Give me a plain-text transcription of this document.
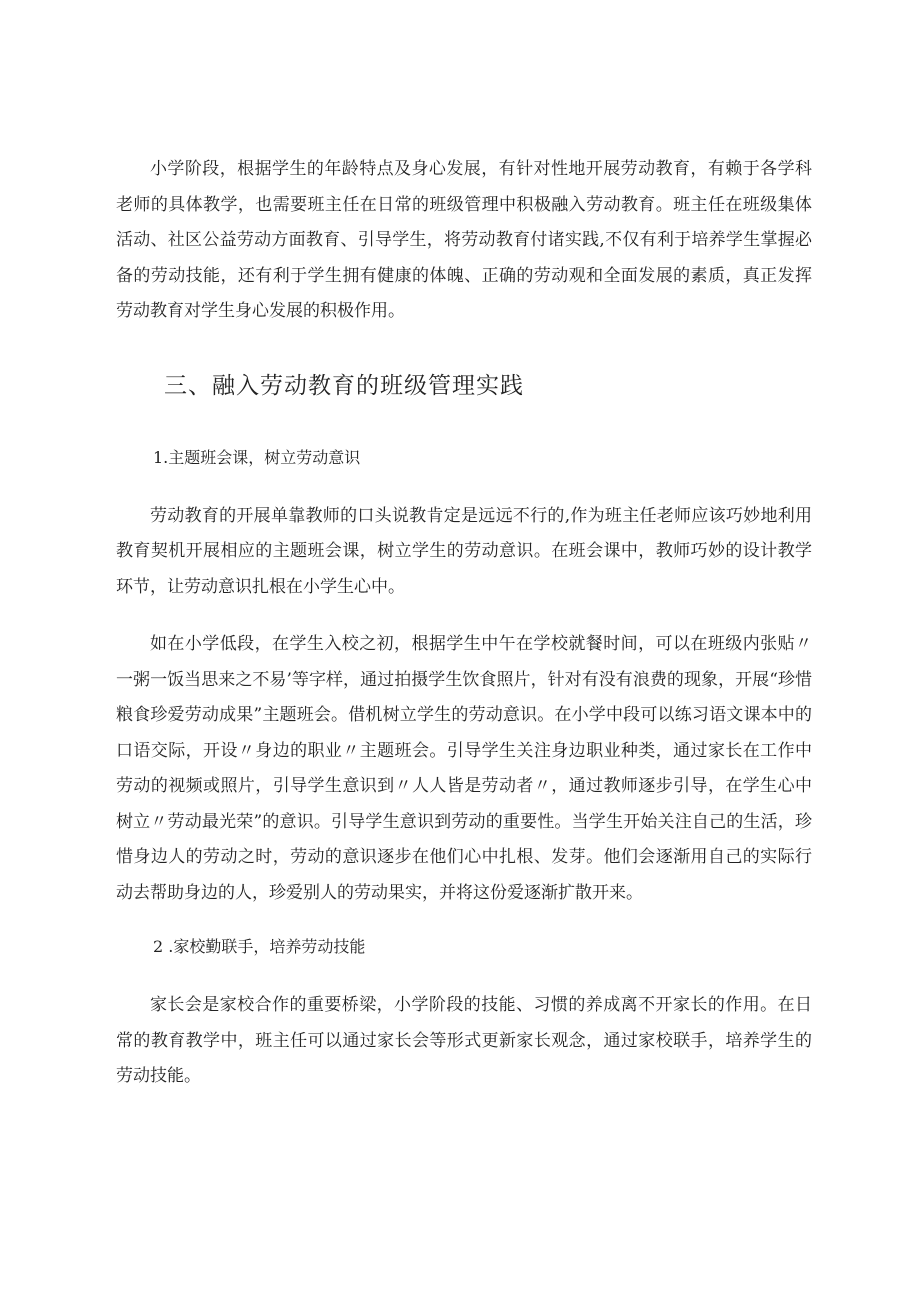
小学阶段，根据学生的年龄特点及身心发展，有针对性地开展劳动教育，有赖于各学科老师的具体教学，也需要班主任在日常的班级管理中积极融入劳动教育。班主任在班级集体活动、社区公益劳动方面教育、引导学生，将劳动教育付诸实践,不仅有利于培养学生掌握必备的劳动技能，还有利于学生拥有健康的体魄、正确的劳动观和全面发展的素质，真正发挥劳动教育对学生身心发展的积极作用。

三、融入劳动教育的班级管理实践

1.主题班会课，树立劳动意识

劳动教育的开展单靠教师的口头说教肯定是远远不行的,作为班主任老师应该巧妙地利用教育契机开展相应的主题班会课，树立学生的劳动意识。在班会课中，教师巧妙的设计教学环节，让劳动意识扎根在小学生心中。

如在小学低段，在学生入校之初，根据学生中午在学校就餐时间，可以在班级内张贴〃一粥一饭当思来之不易’等字样，通过拍摄学生饮食照片，针对有没有浪费的现象，开展“珍惜粮食珍爱劳动成果”主题班会。借机树立学生的劳动意识。在小学中段可以练习语文课本中的口语交际，开设〃身边的职业〃主题班会。引导学生关注身边职业种类，通过家长在工作中劳动的视频或照片，引导学生意识到〃人人皆是劳动者〃，通过教师逐步引导，在学生心中树立〃劳动最光荣”的意识。引导学生意识到劳动的重要性。当学生开始关注自己的生活，珍惜身边人的劳动之时，劳动的意识逐步在他们心中扎根、发芽。他们会逐渐用自己的实际行动去帮助身边的人，珍爱别人的劳动果实，并将这份爱逐渐扩散开来。

2 .家校勤联手，培养劳动技能

家长会是家校合作的重要桥梁，小学阶段的技能、习惯的养成离不开家长的作用。在日常的教育教学中，班主任可以通过家长会等形式更新家长观念，通过家校联手，培养学生的劳动技能。
